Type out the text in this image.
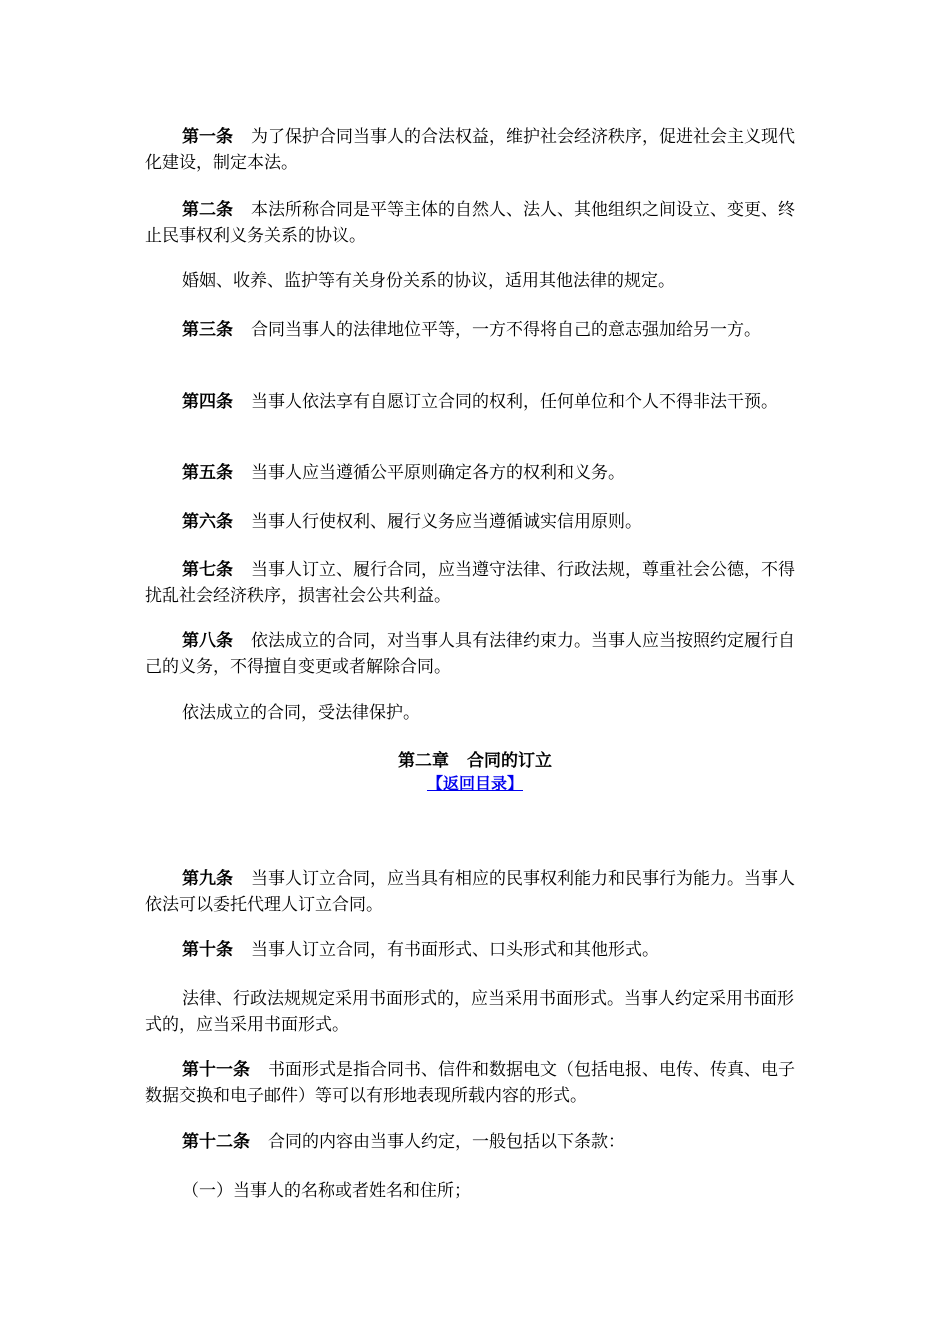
第一条 为了保护合同当事人的合法权益，维护社会经济秩序，促进社会主义现代化建设，制定本法。

第二条 本法所称合同是平等主体的自然人、法人、其他组织之间设立、变更、终止民事权利义务关系的协议。

婚姻、收养、监护等有关身份关系的协议，适用其他法律的规定。

第三条 合同当事人的法律地位平等，一方不得将自己的意志强加给另一方。

第四条 当事人依法享有自愿订立合同的权利，任何单位和个人不得非法干预。

第五条 当事人应当遵循公平原则确定各方的权利和义务。

第六条 当事人行使权利、履行义务应当遵循诚实信用原则。

第七条 当事人订立、履行合同，应当遵守法律、行政法规，尊重社会公德，不得扰乱社会经济秩序，损害社会公共利益。

第八条 依法成立的合同，对当事人具有法律约束力。当事人应当按照约定履行自己的义务，不得擅自变更或者解除合同。

依法成立的合同，受法律保护。

第二章 合同的订立

【返回目录】

第九条 当事人订立合同，应当具有相应的民事权利能力和民事行为能力。当事人依法可以委托代理人订立合同。

第十条 当事人订立合同，有书面形式、口头形式和其他形式。

法律、行政法规规定采用书面形式的，应当采用书面形式。当事人约定采用书面形式的，应当采用书面形式。

第十一条 书面形式是指合同书、信件和数据电文（包括电报、电传、传真、电子数据交换和电子邮件）等可以有形地表现所载内容的形式。

第十二条 合同的内容由当事人约定，一般包括以下条款：

（一）当事人的名称或者姓名和住所；
